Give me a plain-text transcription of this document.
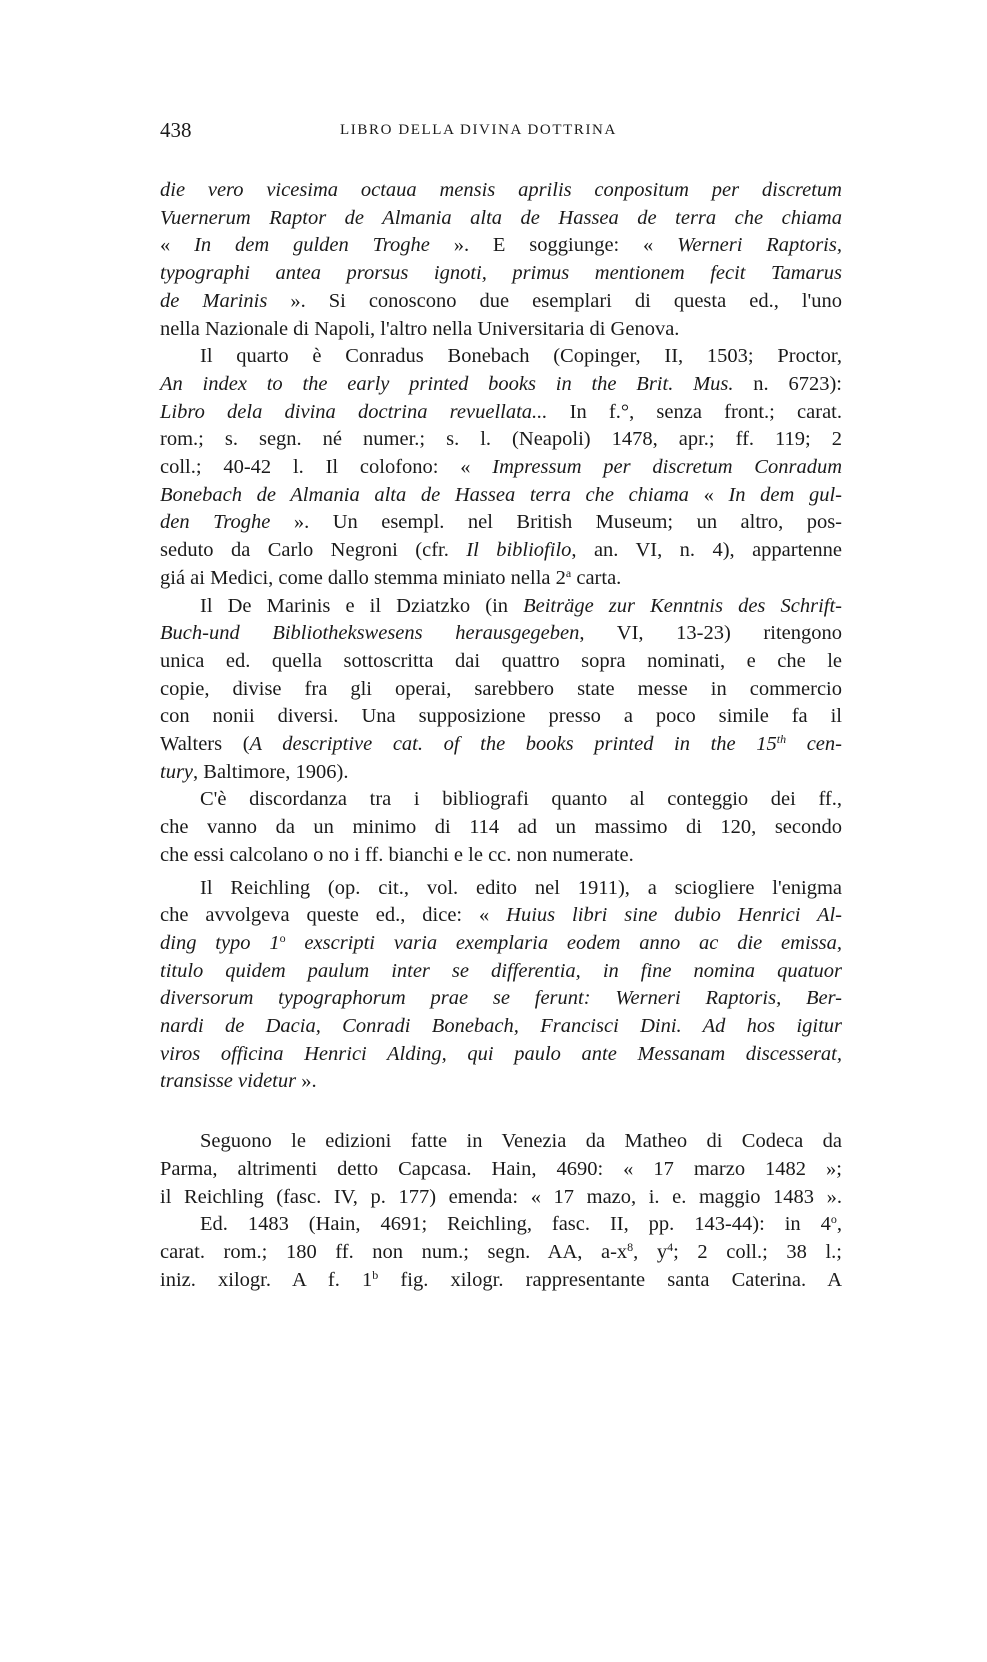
438	LIBRO DELLA DIVINA DOTTRINA
die vero vicesima octaua mensis aprilis conpositum per discretum
Vuernerum Raptor de Almania alta de Hassea de terra che chiama
« In dem gulden Troghe ». E soggiunge: « Werneri Raptoris,
typographi antea prorsus ignoti, primus mentionem fecit Tamarus
de Marinis ». Si conoscono due esemplari di questa ed., l'uno
nella Nazionale di Napoli, l'altro nella Universitaria di Genova.
Il quarto è Conradus Bonebach (Copinger, II, 1503; Proctor,
An index to the early printed books in the Brit. Mus. n. 6723):
Libro dela divina doctrina revuellata... In f.°, senza front.; carat.
rom.; s. segn. né numer.; s. l. (Neapoli) 1478, apr.; ff. 119; 2
coll.; 40-42 l. Il colofono: « Impressum per discretum Conradum
Bonebach de Almania alta de Hassea terra che chiama « In dem gul-
den Troghe ». Un esempl. nel British Museum; un altro, pos-
seduto da Carlo Negroni (cfr. Il bibliofilo, an. VI, n. 4), appartenne
giá ai Medici, come dallo stemma miniato nella 2$^a$ carta.
Il De Marinis e il Dziatzko (in Beiträge zur Kenntnis des Schrift-
Buch-und Bibliothekswesens herausgegeben, VI, 13-23) ritengono
unica ed. quella sottoscritta dai quattro sopra nominati, e che le
copie, divise fra gli operai, sarebbero state messe in commercio
con nonii diversi. Una supposizione presso a poco simile fa il
Walters (A descriptive cat. of the books printed in the 15th cen-
tury, Baltimore, 1906).
C'è discordanza tra i bibliografi quanto al conteggio dei ff.,
che vanno da un minimo di 114 ad un massimo di 120, secondo
che essi calcolano o no i ff. bianchi e le cc. non numerate.
Il Reichling (op. cit., vol. edito nel 1911), a sciogliere l'enigma
che avvolgeva queste ed., dice: « Huius libri sine dubio Henrici Al-
ding typo 1$^o$ exscripti varia exemplaria eodem anno ac die emissa,
titulo quidem paulum inter se differentia, in fine nomina quatuor
diversorum typographorum prae se ferunt: Werneri Raptoris, Ber-
nardi de Dacia, Conradi Bonebach, Francisci Dini. Ad hos igitur
viros officina Henrici Alding, qui paulo ante Messanam discesserat,
transisse videtur ».
Seguono le edizioni fatte in Venezia da Matheo di Codeca da
Parma, altrimenti detto Capcasa. Hain, 4690: « 17 marzo 1482 »;
il Reichling (fasc. IV, p. 177) emenda: « 17 mazo, i. e. maggio 1483 ».
Ed. 1483 (Hain, 4691; Reichling, fasc. II, pp. 143-44): in 4$^o$,
carat. rom.; 180 ff. non num.; segn. AA, $a-x^8$, $y^4$; 2 coll.; 38 l.;
iniz. xilogr. A f. 1$^b$ fig. xilogr. rappresentante santa Caterina. A
